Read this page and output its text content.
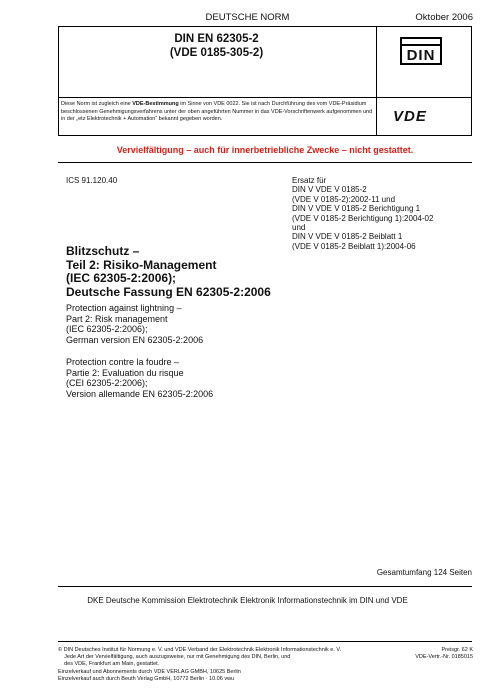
DEUTSCHE NORM	Oktober 2006
DIN EN 62305-2
(VDE 0185-305-2)	DIN
Diese Norm ist zugleich eine VDE-Bestimmung im Sinne von VDE 0022. Sie ist nach Durchführung des vom VDE-Präsidium beschlossenen Genehmigungsverfahrens unter der oben angeführten Nummer in das VDE-Vorschriftenwerk aufgenommen und in der „etz Elektrotechnik + Automation“ bekannt gegeben worden.	VDE
Vervielfältigung – auch für innerbetriebliche Zwecke – nicht gestattet.
ICS 91.120.40	Ersatz für
DIN V VDE V 0185-2
(VDE V 0185-2):2002-11 und
DIN V VDE V 0185-2 Berichtigung 1
(VDE V 0185-2 Berichtigung 1):2004-02
und
DIN V VDE V 0185-2 Beiblatt 1
(VDE V 0185-2 Beiblatt 1):2004-06
Blitzschutz –
Teil 2: Risiko-Management
(IEC 62305-2:2006);
Deutsche Fassung EN 62305-2:2006
Protection against lightning –
Part 2: Risk management
(IEC 62305-2:2006);
German version EN 62305-2:2006
Protection contre la foudre –
Partie 2: Evaluation du risque
(CEI 62305-2:2006);
Version allemande EN 62305-2:2006
Gesamtumfang 124 Seiten
DKE Deutsche Kommission Elektrotechnik Elektronik Informationstechnik im DIN und VDE
© DIN Deutsches Institut für Normung e. V. und VDE Verband der Elektrotechnik Elektronik Informationstechnik e. V.
Jede Art der Vervielfältigung, auch auszugsweise, nur mit Genehmigung des DIN, Berlin, und
des VDE, Frankfurt am Main, gestattet.
Einzelverkauf und Abonnements durch VDE VERLAG GMBH, 10625 Berlin
Einzelverkauf auch durch Beuth Verlag GmbH, 10772 Berlin · 10.06 vwu
Preisgr. 62 K
VDE-Vertr.-Nr. 0185015
